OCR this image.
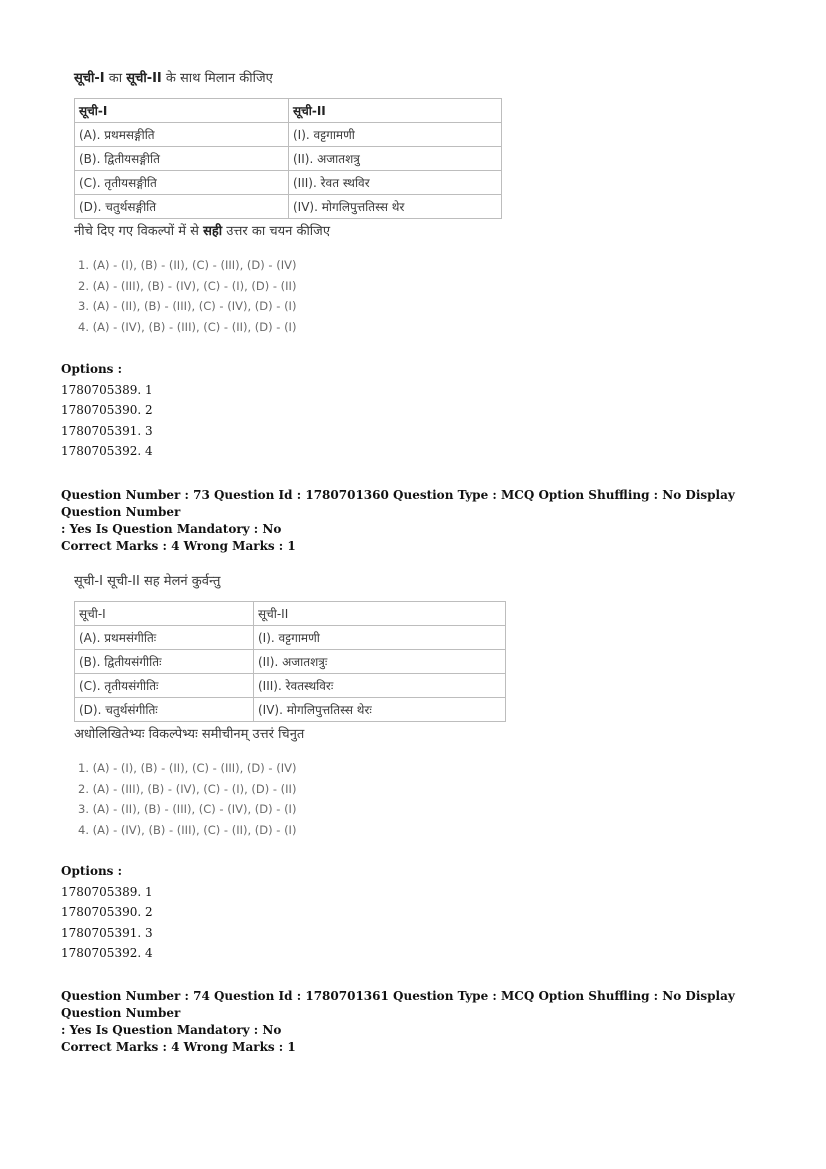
सूची-I का सूची-II के साथ मिलान कीजिए
सूची-I	सूची-II
(A). प्रथमसङ्गीति	(I). वट्टगामणी
(B). द्वितीयसङ्गीति	(II). अजातशत्रु
(C). तृतीयसङ्गीति	(III). रेवत स्थविर
(D). चतुर्थसङ्गीति	(IV). मोगलिपुत्ततिस्स थेर
नीचे दिए गए विकल्पों में से सही उत्तर का चयन कीजिए
1. (A) - (I), (B) - (II), (C) - (III), (D) - (IV)
2. (A) - (III), (B) - (IV), (C) - (I), (D) - (II)
3. (A) - (II), (B) - (III), (C) - (IV), (D) - (I)
4. (A) - (IV), (B) - (III), (C) - (II), (D) - (I)
Options :
1780705389. 1
1780705390. 2
1780705391. 3
1780705392. 4
Question Number : 73 Question Id : 1780701360 Question Type : MCQ Option Shuffling : No Display Question Number
: Yes Is Question Mandatory : No
Correct Marks : 4 Wrong Marks : 1
सूची-I सूची-II सह मेलनं कुर्वन्तु
सूची-I	सूची-II
(A). प्रथमसंगीतिः	(I). वट्टगामणी
(B). द्वितीयसंगीतिः	(II). अजातशत्रुः
(C). तृतीयसंगीतिः	(III). रेवतस्थविरः
(D). चतुर्थसंगीतिः	(IV). मोगलिपुत्ततिस्स थेरः
अधोलिखितेभ्यः विकल्पेभ्यः समीचीनम् उत्तरं चिनुत
1. (A) - (I), (B) - (II), (C) - (III), (D) - (IV)
2. (A) - (III), (B) - (IV), (C) - (I), (D) - (II)
3. (A) - (II), (B) - (III), (C) - (IV), (D) - (I)
4. (A) - (IV), (B) - (III), (C) - (II), (D) - (I)
Options :
1780705389. 1
1780705390. 2
1780705391. 3
1780705392. 4
Question Number : 74 Question Id : 1780701361 Question Type : MCQ Option Shuffling : No Display Question Number
: Yes Is Question Mandatory : No
Correct Marks : 4 Wrong Marks : 1
